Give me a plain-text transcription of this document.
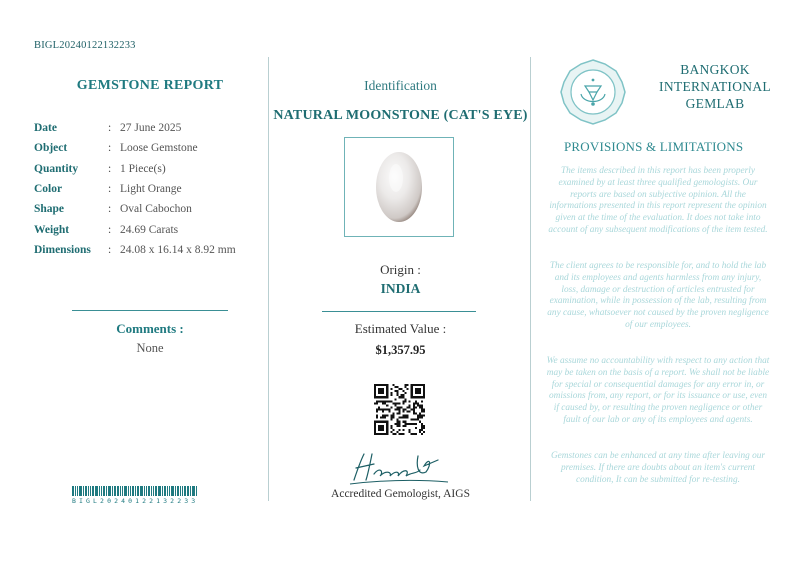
BIGL20240122132233
GEMSTONE REPORT
Date	: 27 June 2025
Object	: Loose Gemstone
Quantity	: 1 Piece(s)
Color	: Light Orange
Shape	: Oval Cabochon
Weight	: 24.69 Carats
Dimensions	: 24.08 x 16.14 x 8.92 mm
Comments :
None
BIGL20240122132233
Identification
NATURAL MOONSTONE (CAT'S EYE)
Origin :
INDIA
Estimated Value :
$1,357.95
Hashem A
Accredited Gemologist, AIGS
BANGKOK
INTERNATIONAL
GEMLAB
PROVISIONS & LIMITATIONS
The items described in this report has been properly examined by at least three qualified gemologists. Our reports are based on subjective opinion. All the informations presented in this report represent the opinion given at the time of the evaluation. It does not take into account of any subsequent modifications of the item tested.
The client agrees to be responsible for, and to hold the lab and its employees and agents harmless from any injury, loss, damage or destruction of articles entrusted for examination, while in possession of the lab, resulting from any cause, whatsoever not caused by the proven negligence of our employees.
We assume no accountability with respect to any action that may be taken on the basis of a report. We shall not be liable for special or consequential damages for any error in, or omissions from, any report, or for its issuance or use, even if caused by, or resulting the proven negligence or other fault of our lab or any of its employees and agents.
Gemstones can be enhanced at any time after leaving our premises. If there are doubts about an item's current condition, It can be submitted for re-testing.
